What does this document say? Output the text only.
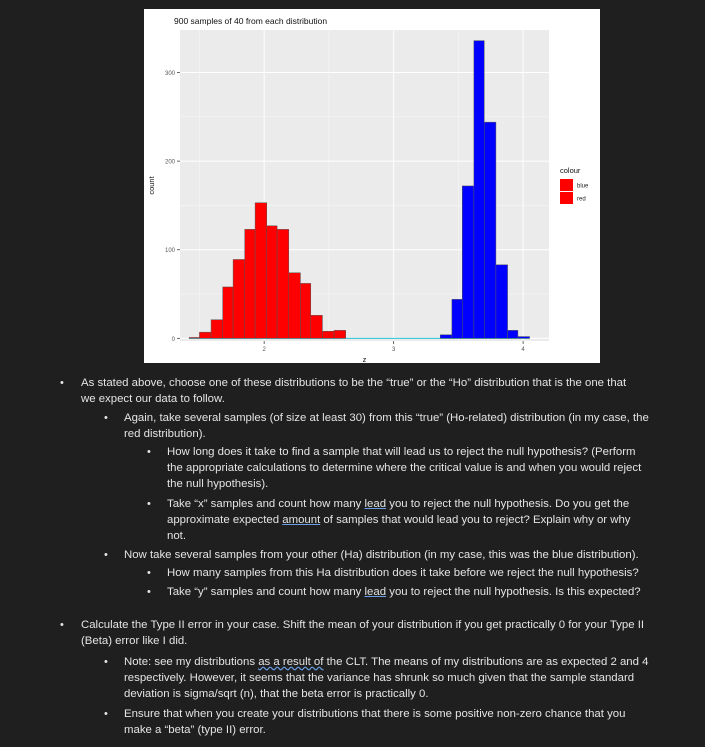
0
100
200
300
2	3	4
900 samples of 40 from each distribution
z
count
colour
blue
red
• As stated above, choose one of these distributions to be the “true” or the “Ho” distribution that is the one that
we expect our data to follow.
• Again, take several samples (of size at least 30) from this “true” (Ho-related) distribution (in my case, the
red distribution).
• How long does it take to find a sample that will lead us to reject the null hypothesis? (Perform
the appropriate calculations to determine where the critical value is and when you would reject
the null hypothesis).
• Take “x” samples and count how many lead you to reject the null hypothesis. Do you get the
approximate expected amount of samples that would lead you to reject? Explain why or why
not.
• Now take several samples from your other (Ha) distribution (in my case, this was the blue distribution).
• How many samples from this Ha distribution does it take before we reject the null hypothesis?
• Take “y” samples and count how many lead you to reject the null hypothesis. Is this expected?
• Calculate the Type II error in your case. Shift the mean of your distribution if you get practically 0 for your Type II
(Beta) error like I did.
• Note: see my distributions as a result of the CLT. The means of my distributions are as expected 2 and 4
respectively. However, it seems that the variance has shrunk so much given that the sample standard
deviation is sigma/sqrt (n), that the beta error is practically 0.
• Ensure that when you create your distributions that there is some positive non-zero chance that you
make a “beta” (type II) error.
